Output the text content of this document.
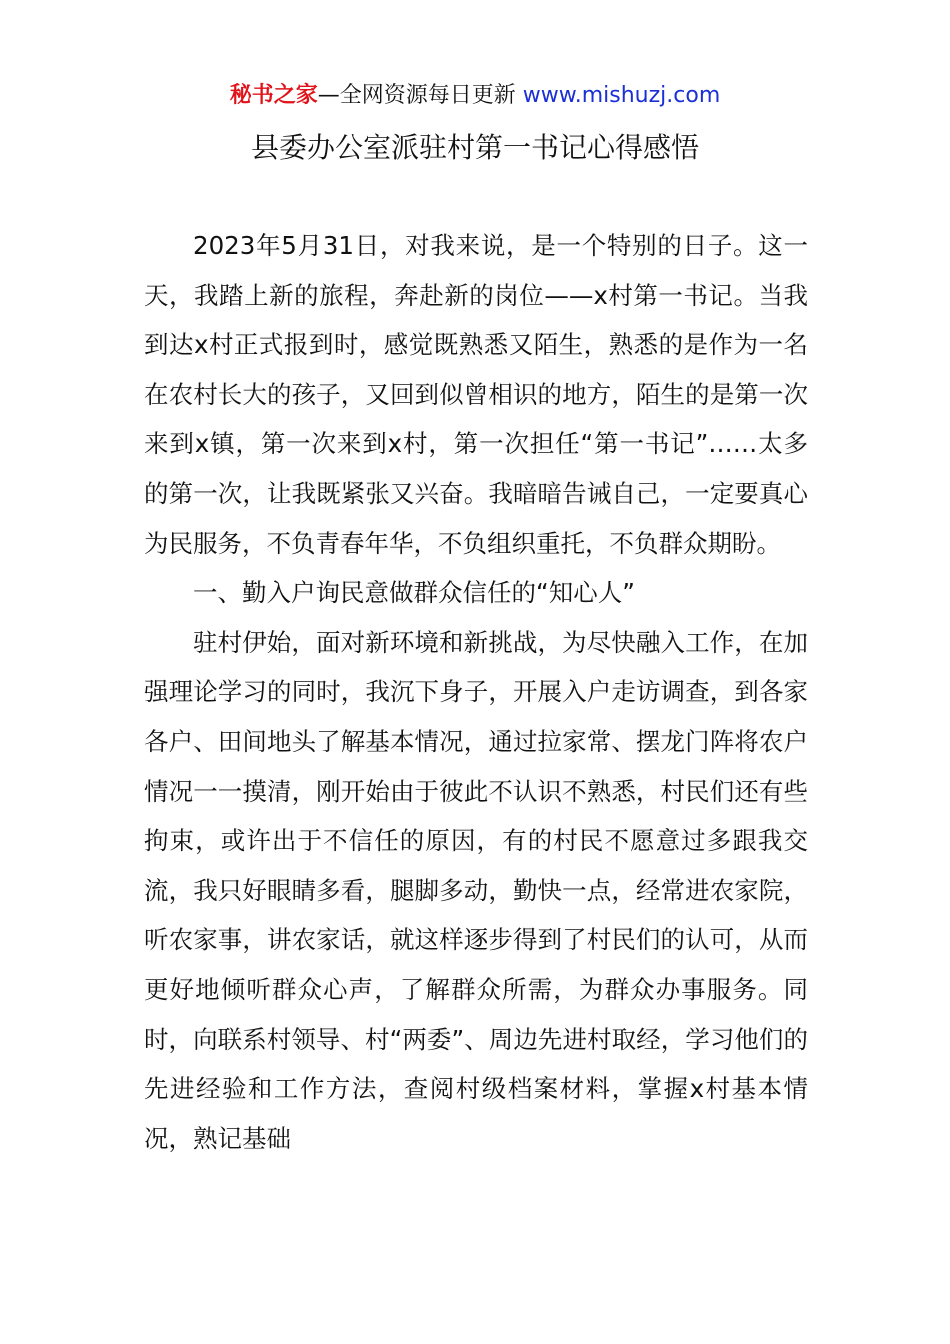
秘书之家—全网资源每日更新 www.mishuzj.com
县委办公室派驻村第一书记心得感悟

2023年5月31日，对我来说，是一个特别的日子。这一天，我踏上新的旅程，奔赴新的岗位——x村第一书记。当我到达x村正式报到时，感觉既熟悉又陌生，熟悉的是作为一名在农村长大的孩子，又回到似曾相识的地方，陌生的是第一次来到x镇，第一次来到x村，第一次担任“第一书记”……太多的第一次，让我既紧张又兴奋。我暗暗告诫自己，一定要真心为民服务，不负青春年华，不负组织重托，不负群众期盼。

一、勤入户询民意做群众信任的“知心人”

驻村伊始，面对新环境和新挑战，为尽快融入工作，在加强理论学习的同时，我沉下身子，开展入户走访调查，到各家各户、田间地头了解基本情况，通过拉家常、摆龙门阵将农户情况一一摸清，刚开始由于彼此不认识不熟悉，村民们还有些拘束，或许出于不信任的原因，有的村民不愿意过多跟我交流，我只好眼睛多看，腿脚多动，勤快一点，经常进农家院，听农家事，讲农家话，就这样逐步得到了村民们的认可，从而更好地倾听群众心声，了解群众所需，为群众办事服务。同时，向联系村领导、村“两委”、周边先进村取经，学习他们的先进经验和工作方法，查阅村级档案材料，掌握x村基本情况，熟记基础
